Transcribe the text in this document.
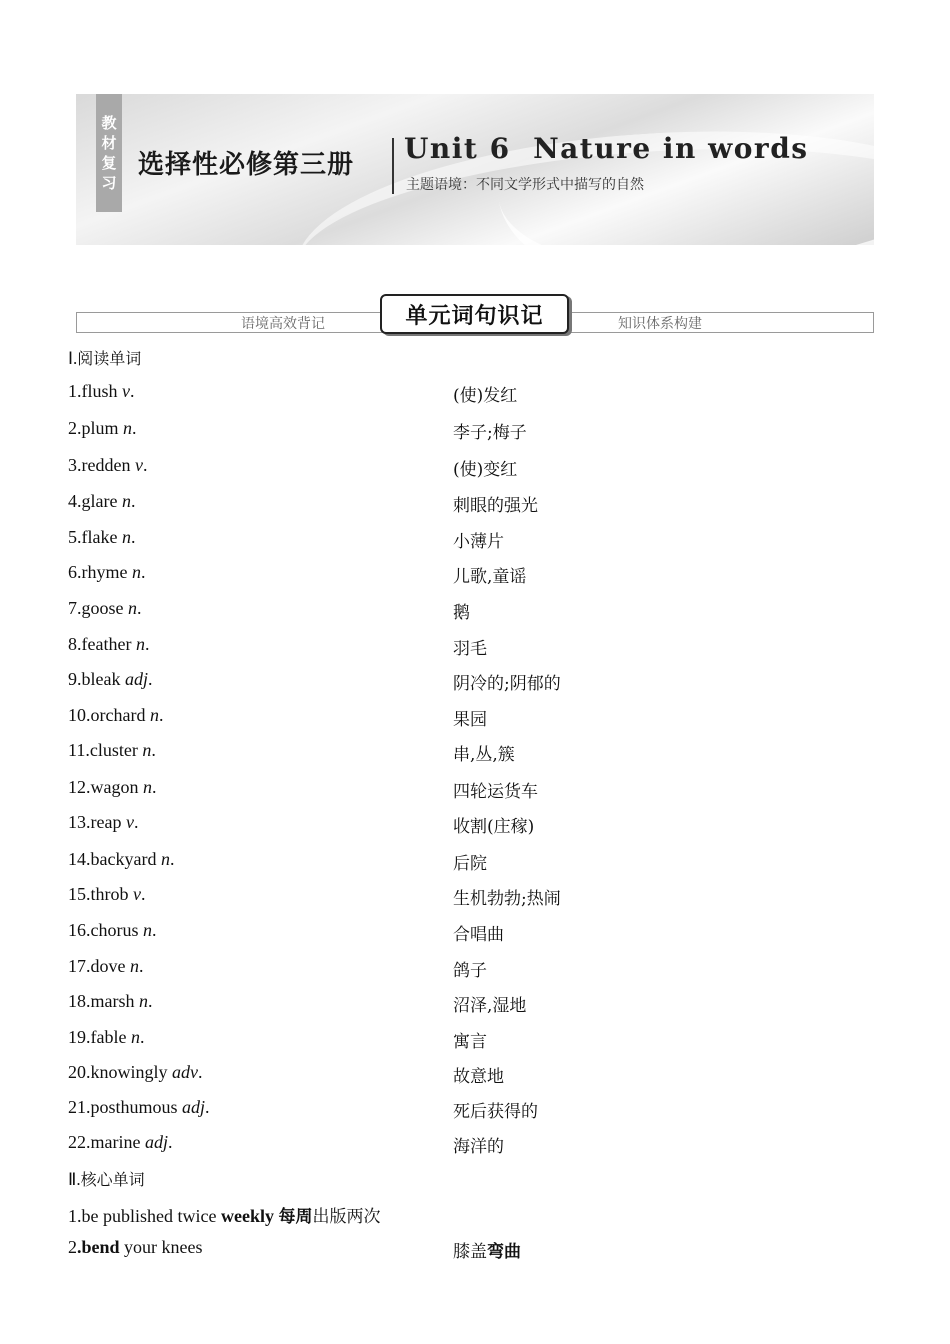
教
材
复
习
选择性必修第三册 Unit 6  Nature in words
主题语境：不同文学形式中描写的自然
语境高效背记	知识体系构建
单元词句识记
Ⅰ.阅读单词
1.flush v.	(使)发红
2.plum n.	李子;梅子
3.redden v.	(使)变红
4.glare n.	刺眼的强光
5.flake n.	小薄片
6.rhyme n.	儿歌,童谣
7.goose n.	鹅
8.feather n.	羽毛
9.bleak adj.	阴冷的;阴郁的
10.orchard n.	果园
11.cluster n.	串,丛,簇
12.wagon n.	四轮运货车
13.reap v.	收割(庄稼)
14.backyard n.	后院
15.throb v.	生机勃勃;热闹
16.chorus n.	合唱曲
17.dove n.	鸽子
18.marsh n.	沼泽,湿地
19.fable n.	寓言
20.knowingly adv.	故意地
21.posthumous adj.	死后获得的
22.marine adj.	海洋的
Ⅱ.核心单词
1.be published twice weekly 每周出版两次
2.bend your knees	膝盖弯曲
